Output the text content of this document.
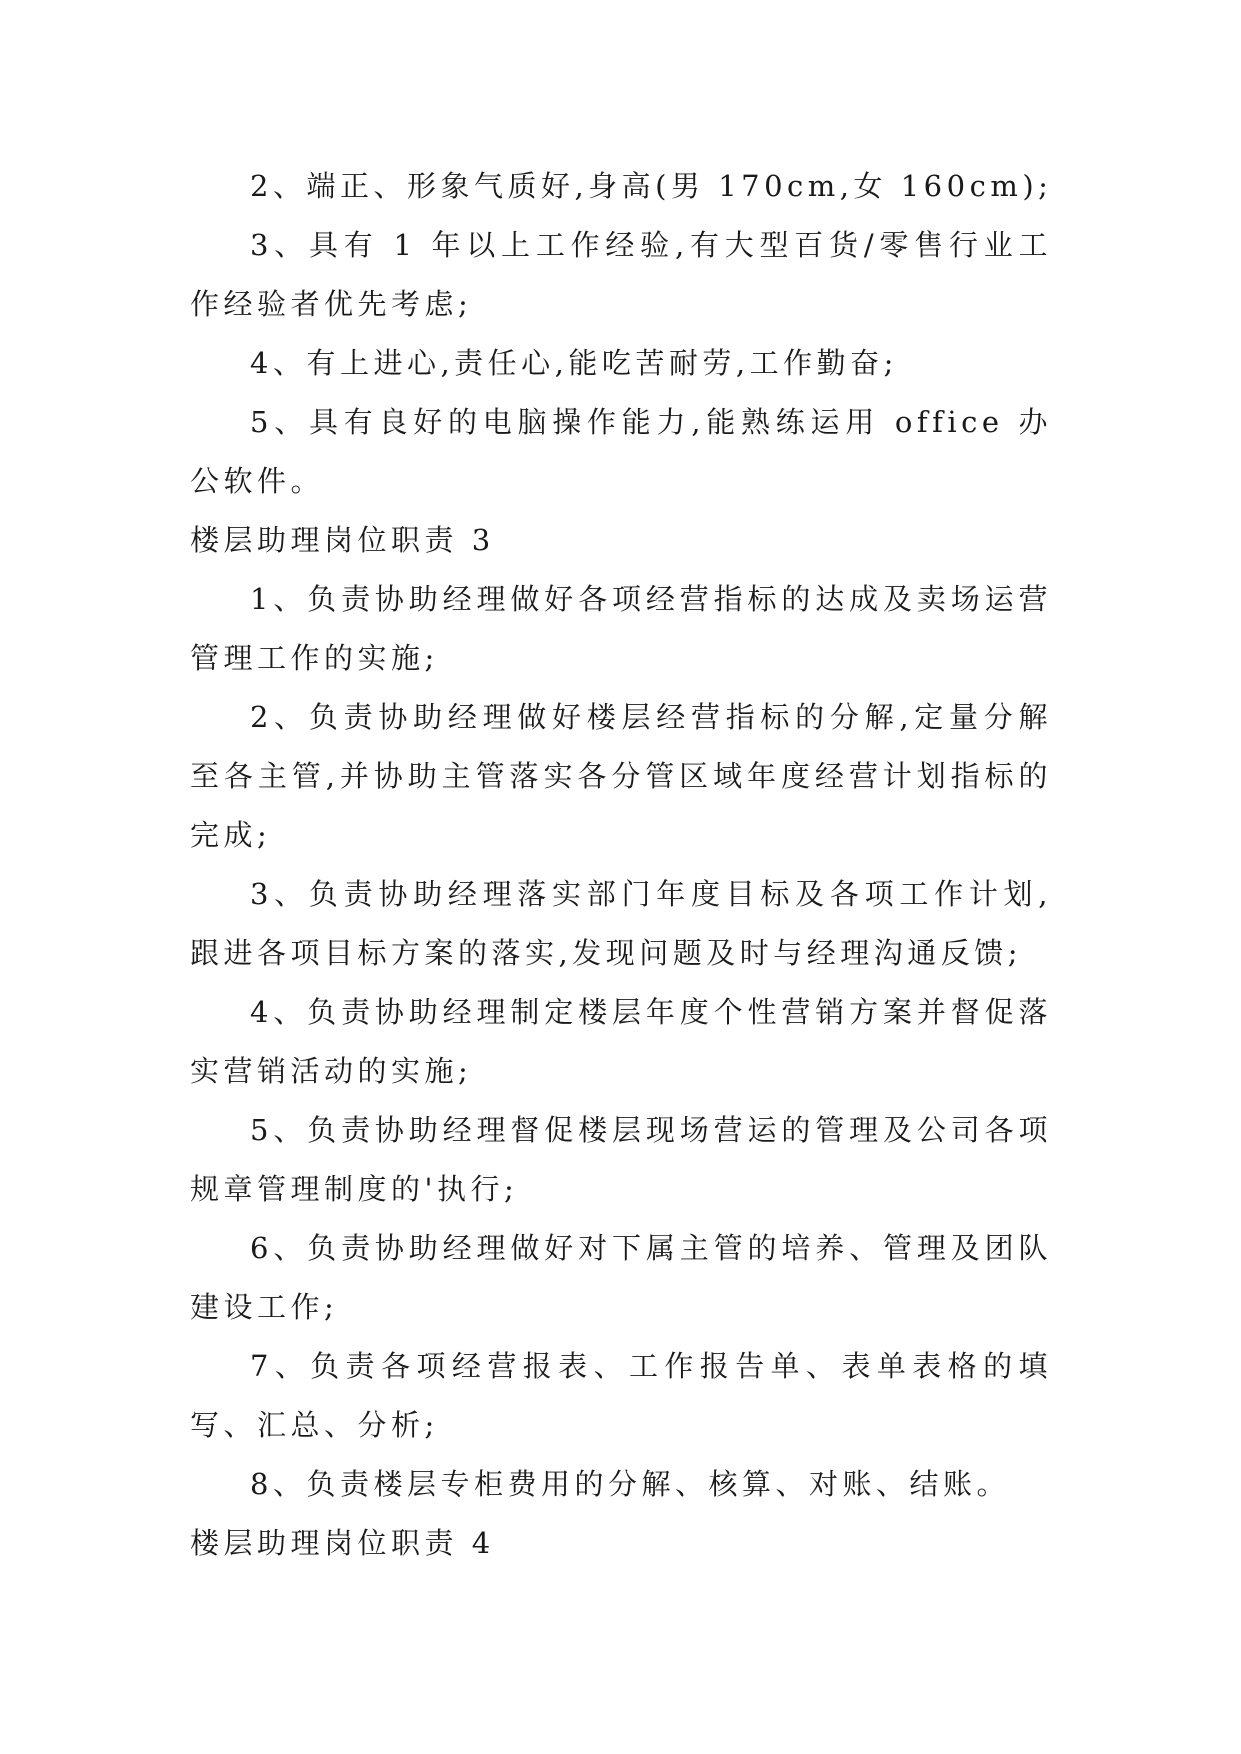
2、端正、形象气质好,身高(男 170cm,女 160cm);

3、具有 1 年以上工作经验,有大型百货/零售行业工作经验者优先考虑;

4、有上进心,责任心,能吃苦耐劳,工作勤奋;

5、具有良好的电脑操作能力,能熟练运用 office 办公软件。

楼层助理岗位职责 3

1、负责协助经理做好各项经营指标的达成及卖场运营管理工作的实施;

2、负责协助经理做好楼层经营指标的分解,定量分解至各主管,并协助主管落实各分管区域年度经营计划指标的完成;

3、负责协助经理落实部门年度目标及各项工作计划,跟进各项目标方案的落实,发现问题及时与经理沟通反馈;

4、负责协助经理制定楼层年度个性营销方案并督促落实营销活动的实施;

5、负责协助经理督促楼层现场营运的管理及公司各项规章管理制度的'执行;

6、负责协助经理做好对下属主管的培养、管理及团队建设工作;

7、负责各项经营报表、工作报告单、表单表格的填写、汇总、分析;

8、负责楼层专柜费用的分解、核算、对账、结账。

楼层助理岗位职责 4
